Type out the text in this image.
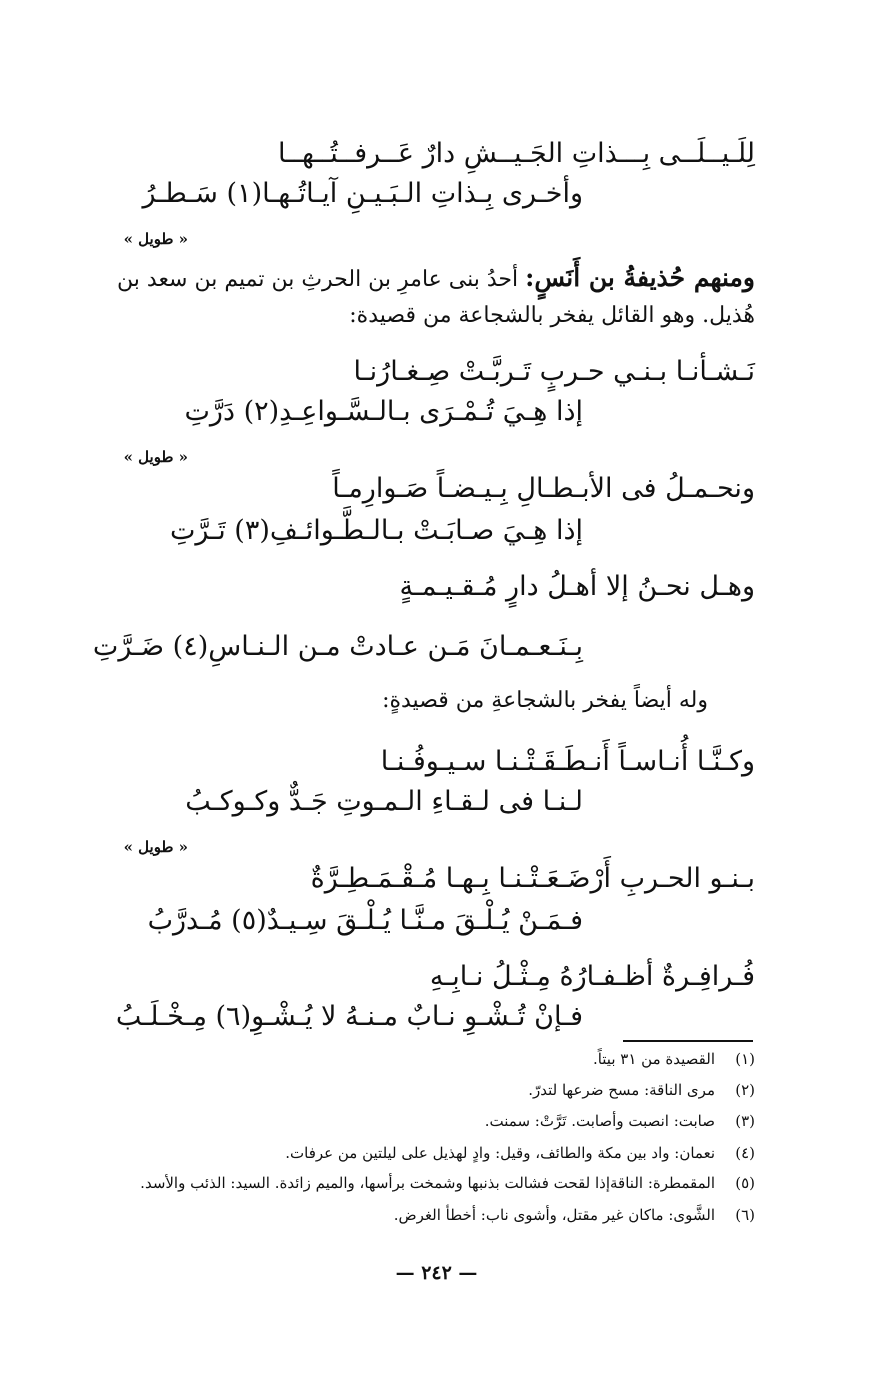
لِلَـيــلَــى بِـــذاتِ الجَـيــشِ دارٌ عَــرفــتُــهــا
وأخـرى بِـذاتِ الـبَـيـنِ آيـاتُـهـا(١) سَـطـرُ
« طويل »
ومنهم حُذيفةُ بن أَنَسٍ: أحدُ بنى عامرِ بن الحرثِ بن تميم بن سعد بن
هُذيل. وهو القائل يفخر بالشجاعة من قصيدة:
نَـشـأنـا بـنـي حـربٍ تَـربَّـتْ صِـغـارُنـا
إذا هِـيَ تُـمْـرَى بـالـسَّـواعِـدِ(٢) دَرَّتِ
« طويل »
ونحـمـلُ فى الأبـطـالِ بِـيـضـاً صَـوارِمـاً
إذا هِـيَ صـابَـتْ بـالـطَّـوائـفِ(٣) تَـرَّتِ
وهـل نحـنُ إلا أهـلُ دارٍ مُـقـيـمـةٍ
بِـنَـعـمـانَ مَـن عـادتْ مـن الـنـاسِ(٤) ضَـرَّتِ
وله أيضاً يفخر بالشجاعةِ من قصيدةٍ:
وكـنَّـا أُنـاسـاً أَنـطَـقَـتْـنـا سـيـوفُـنـا
لـنـا فى لـقـاءِ الـمـوتِ جَـدٌّ وكـوكـبُ
« طويل »
بـنـو الحـربِ أَرْضَـعَـتْـنـا بِـهـا مُـقْـمَـطِـرَّةٌ
فـمَـنْ يُـلْـقَ مـنَّـا يُـلْـقَ سِـيـدٌ(٥) مُـدرَّبُ
فُـرافِـرةٌ أظـفـارُهُ مِـثْـلُ نـابِـهِ
فـإنْ تُـشْـوِ نـابٌ مـنـهُ لا يُـشْـوِ(٦) مِـخْـلَـبُ
(١)القصيدة من ٣١ بيتاً.
(٢)مرى الناقة: مسح ضرعها لتدرّ.
(٣)صابت: انصبت وأصابت. تَرَّتْ: سمنت.
(٤)نعمان: واد بين مكة والطائف، وقيل: وادٍ لهذيل على ليلتين من عرفات.
(٥)المقمطرة: الناقةإذا لقحت فشالت بذنبها وشمخت برأسها، والميم زائدة. السيد: الذئب والأسد.
(٦)الشَّوى: ماكان غير مقتل، وأشوى ناب: أخطأ الغرض.
— ٢٤٢ —
